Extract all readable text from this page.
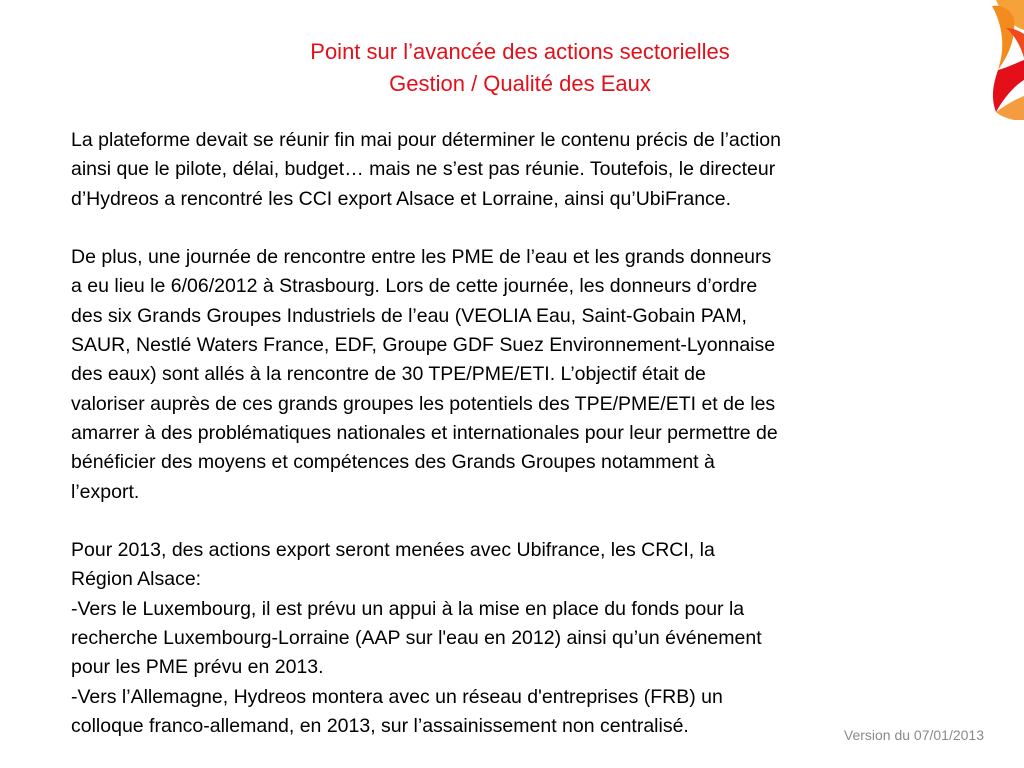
Point sur l’avancée des actions sectorielles
Gestion / Qualité des Eaux
La plateforme devait se réunir fin mai pour déterminer le contenu précis de l’action
ainsi que le pilote, délai, budget… mais ne s’est pas réunie. Toutefois, le directeur
d’Hydreos a rencontré les CCI export Alsace et Lorraine, ainsi qu’UbiFrance.
De plus, une journée de rencontre entre les PME de l’eau et les grands donneurs
a eu lieu le 6/06/2012 à Strasbourg. Lors de cette journée, les donneurs d’ordre
des six Grands Groupes Industriels de l’eau (VEOLIA Eau, Saint-Gobain PAM,
SAUR, Nestlé Waters France, EDF, Groupe GDF Suez Environnement-Lyonnaise
des eaux) sont allés à la rencontre de 30 TPE/PME/ETI. L’objectif était de
valoriser auprès de ces grands groupes les potentiels des TPE/PME/ETI et de les
amarrer à des problématiques nationales et internationales pour leur permettre de
bénéficier des moyens et compétences des Grands Groupes notamment à
l’export.
Pour 2013, des actions export seront menées avec Ubifrance, les CRCI, la
Région Alsace:
-Vers le Luxembourg, il est prévu un appui à la mise en place du fonds pour la
recherche Luxembourg-Lorraine (AAP sur l'eau en 2012) ainsi qu’un événement
pour les PME prévu en 2013.
-Vers l’Allemagne, Hydreos montera avec un réseau d'entreprises (FRB) un
colloque franco-allemand, en 2013, sur l’assainissement non centralisé.	Version du 07/01/2013
